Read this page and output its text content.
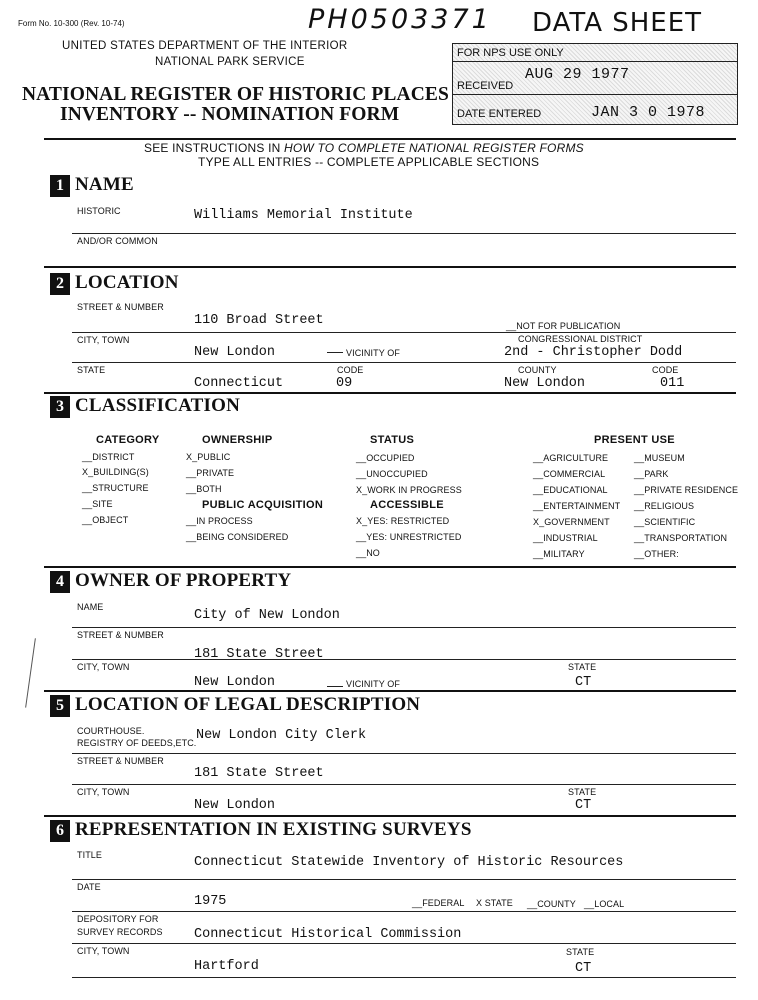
Form No. 10-300 (Rev. 10-74)	PH0503371 DATA SHEET
UNITED STATES DEPARTMENT OF THE INTERIOR
NATIONAL PARK SERVICE
NATIONAL REGISTER OF HISTORIC PLACES
INVENTORY -- NOMINATION FORM
FOR NPS USE ONLY
RECEIVED
AUG 29 1977
DATE ENTERED	JAN 3 0 1978
SEE INSTRUCTIONS IN HOW TO COMPLETE NATIONAL REGISTER FORMS
TYPE ALL ENTRIES -- COMPLETE APPLICABLE SECTIONS
1 NAME
HISTORIC	Williams Memorial Institute
AND/OR COMMON
2 LOCATION
STREET & NUMBER
110 Broad Street	__NOT FOR PUBLICATION
CITY, TOWN	CONGRESSIONAL DISTRICT
New London	VICINITY OF	2nd - Christopher Dodd
STATE	CODE	COUNTY	CODE
Connecticut	09	New London	011
3 CLASSIFICATION
CATEGORY
__DISTRICT
X_BUILDING(S)
__STRUCTURE
__SITE
__OBJECT
OWNERSHIP
X_PUBLIC
__PRIVATE
__BOTH
PUBLIC ACQUISITION
__IN PROCESS
__BEING CONSIDERED
STATUS
__OCCUPIED
__UNOCCUPIED
X_WORK IN PROGRESS
ACCESSIBLE
X_YES: RESTRICTED
__YES: UNRESTRICTED
__NO
PRESENT USE
__AGRICULTURE
__COMMERCIAL
__EDUCATIONAL
__ENTERTAINMENT
X_GOVERNMENT
__INDUSTRIAL
__MILITARY
__MUSEUM
__PARK
__PRIVATE RESIDENCE
__RELIGIOUS
__SCIENTIFIC
__TRANSPORTATION
__OTHER:
4 OWNER OF PROPERTY
NAME
City of New London
STREET & NUMBER
181 State Street
CITY, TOWN	STATE
New London	VICINITY OF	CT
5 LOCATION OF LEGAL DESCRIPTION
COURTHOUSE.
REGISTRY OF DEEDS,ETC. New London City Clerk
STREET & NUMBER
181 State Street
CITY, TOWN	STATE
New London	CT
6 REPRESENTATION IN EXISTING SURVEYS
TITLE	Connecticut Statewide Inventory of Historic Resources
DATE
1975	__FEDERAL X STATE __COUNTY __LOCAL
DEPOSITORY FOR
SURVEY RECORDS Connecticut Historical Commission
CITY, TOWN	STATE
Hartford	CT
